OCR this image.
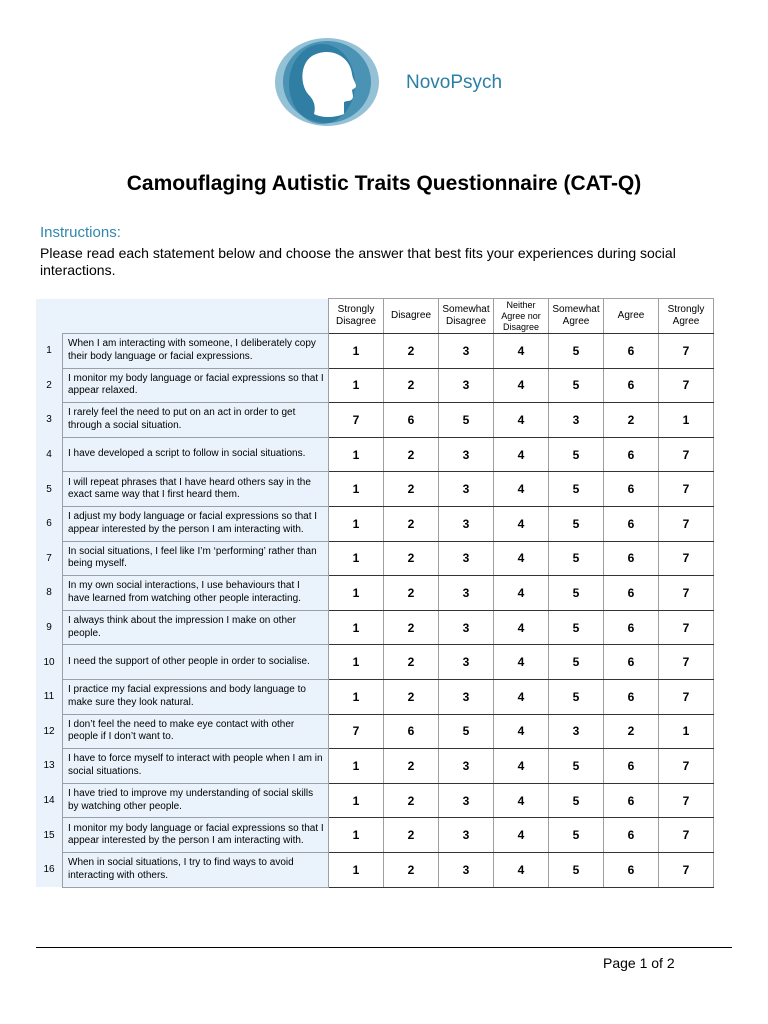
NovoPsych
Camouflaging Autistic Traits Questionnaire (CAT-Q)
Instructions:
Please read each statement below and choose the answer that best fits your experiences during social interactions.
		Strongly Disagree	Disagree	Somewhat Disagree	Neither Agree nor Disagree	Somewhat Agree	Agree	Strongly Agree
1	When I am interacting with someone, I deliberately copy their body language or facial expressions.	1	2	3	4	5	6	7
2	I monitor my body language or facial expressions so that I appear relaxed.	1	2	3	4	5	6	7
3	I rarely feel the need to put on an act in order to get through a social situation.	7	6	5	4	3	2	1
4	I have developed a script to follow in social situations.	1	2	3	4	5	6	7
5	I will repeat phrases that I have heard others say in the exact same way that I first heard them.	1	2	3	4	5	6	7
6	I adjust my body language or facial expressions so that I appear interested by the person I am interacting with.	1	2	3	4	5	6	7
7	In social situations, I feel like I’m ‘performing’ rather than being myself.	1	2	3	4	5	6	7
8	In my own social interactions, I use behaviours that I have learned from watching other people interacting.	1	2	3	4	5	6	7
9	I always think about the impression I make on other people.	1	2	3	4	5	6	7
10	I need the support of other people in order to socialise.	1	2	3	4	5	6	7
11	I practice my facial expressions and body language to make sure they look natural.	1	2	3	4	5	6	7
12	I don’t feel the need to make eye contact with other people if I don’t want to.	7	6	5	4	3	2	1
13	I have to force myself to interact with people when I am in social situations.	1	2	3	4	5	6	7
14	I have tried to improve my understanding of social skills by watching other people.	1	2	3	4	5	6	7
15	I monitor my body language or facial expressions so that I appear interested by the person I am interacting with.	1	2	3	4	5	6	7
16	When in social situations, I try to find ways to avoid interacting with others.	1	2	3	4	5	6	7
Page 1 of 2
